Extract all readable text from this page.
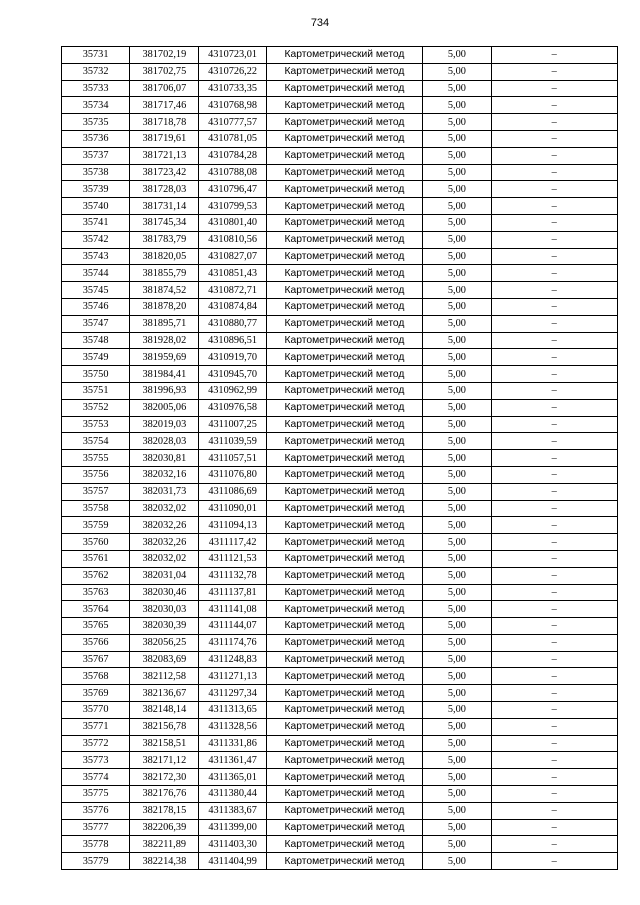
734
35731	381702,19	4310723,01	Картометрический метод	5,00	–
35732	381702,75	4310726,22	Картометрический метод	5,00	–
35733	381706,07	4310733,35	Картометрический метод	5,00	–
35734	381717,46	4310768,98	Картометрический метод	5,00	–
35735	381718,78	4310777,57	Картометрический метод	5,00	–
35736	381719,61	4310781,05	Картометрический метод	5,00	–
35737	381721,13	4310784,28	Картометрический метод	5,00	–
35738	381723,42	4310788,08	Картометрический метод	5,00	–
35739	381728,03	4310796,47	Картометрический метод	5,00	–
35740	381731,14	4310799,53	Картометрический метод	5,00	–
35741	381745,34	4310801,40	Картометрический метод	5,00	–
35742	381783,79	4310810,56	Картометрический метод	5,00	–
35743	381820,05	4310827,07	Картометрический метод	5,00	–
35744	381855,79	4310851,43	Картометрический метод	5,00	–
35745	381874,52	4310872,71	Картометрический метод	5,00	–
35746	381878,20	4310874,84	Картометрический метод	5,00	–
35747	381895,71	4310880,77	Картометрический метод	5,00	–
35748	381928,02	4310896,51	Картометрический метод	5,00	–
35749	381959,69	4310919,70	Картометрический метод	5,00	–
35750	381984,41	4310945,70	Картометрический метод	5,00	–
35751	381996,93	4310962,99	Картометрический метод	5,00	–
35752	382005,06	4310976,58	Картометрический метод	5,00	–
35753	382019,03	4311007,25	Картометрический метод	5,00	–
35754	382028,03	4311039,59	Картометрический метод	5,00	–
35755	382030,81	4311057,51	Картометрический метод	5,00	–
35756	382032,16	4311076,80	Картометрический метод	5,00	–
35757	382031,73	4311086,69	Картометрический метод	5,00	–
35758	382032,02	4311090,01	Картометрический метод	5,00	–
35759	382032,26	4311094,13	Картометрический метод	5,00	–
35760	382032,26	4311117,42	Картометрический метод	5,00	–
35761	382032,02	4311121,53	Картометрический метод	5,00	–
35762	382031,04	4311132,78	Картометрический метод	5,00	–
35763	382030,46	4311137,81	Картометрический метод	5,00	–
35764	382030,03	4311141,08	Картометрический метод	5,00	–
35765	382030,39	4311144,07	Картометрический метод	5,00	–
35766	382056,25	4311174,76	Картометрический метод	5,00	–
35767	382083,69	4311248,83	Картометрический метод	5,00	–
35768	382112,58	4311271,13	Картометрический метод	5,00	–
35769	382136,67	4311297,34	Картометрический метод	5,00	–
35770	382148,14	4311313,65	Картометрический метод	5,00	–
35771	382156,78	4311328,56	Картометрический метод	5,00	–
35772	382158,51	4311331,86	Картометрический метод	5,00	–
35773	382171,12	4311361,47	Картометрический метод	5,00	–
35774	382172,30	4311365,01	Картометрический метод	5,00	–
35775	382176,76	4311380,44	Картометрический метод	5,00	–
35776	382178,15	4311383,67	Картометрический метод	5,00	–
35777	382206,39	4311399,00	Картометрический метод	5,00	–
35778	382211,89	4311403,30	Картометрический метод	5,00	–
35779	382214,38	4311404,99	Картометрический метод	5,00	–
